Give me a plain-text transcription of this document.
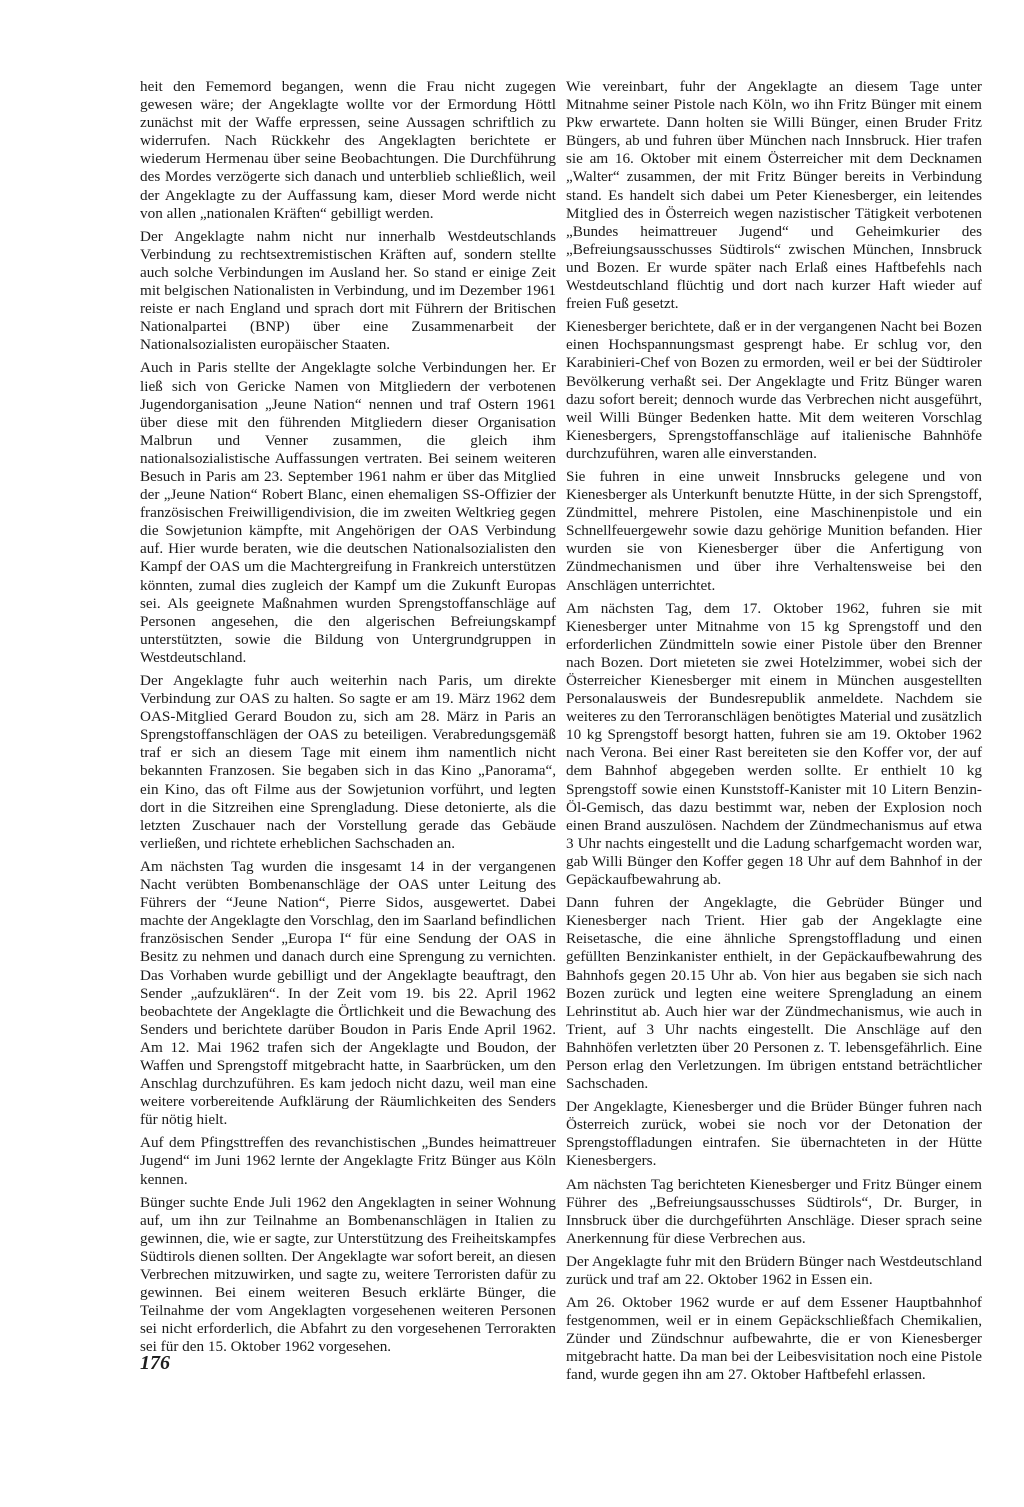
heit den Fememord begangen, wenn die Frau nicht zugegen gewesen wäre; der Angeklagte wollte vor der Ermordung Höttl zunächst mit der Waffe erpressen, seine Aussagen schriftlich zu widerrufen. Nach Rückkehr des Angeklagten berichtete er wiederum Hermenau über seine Beobachtungen. Die Durchführung des Mordes verzögerte sich danach und unterblieb schließlich, weil der Angeklagte zu der Auffassung kam, dieser Mord werde nicht von allen „nationalen Kräften“ gebilligt werden.

Der Angeklagte nahm nicht nur innerhalb Westdeutschlands Verbindung zu rechtsextremistischen Kräften auf, sondern stellte auch solche Verbindungen im Ausland her. So stand er einige Zeit mit belgischen Nationalisten in Verbindung, und im Dezember 1961 reiste er nach England und sprach dort mit Führern der Britischen Nationalpartei (BNP) über eine Zusammenarbeit der Nationalsozialisten europäischer Staaten.

Auch in Paris stellte der Angeklagte solche Verbindungen her. Er ließ sich von Gericke Namen von Mitgliedern der verbotenen Jugendorganisation „Jeune Nation“ nennen und traf Ostern 1961 über diese mit den führenden Mitgliedern dieser Organisation Malbrun und Venner zusammen, die gleich ihm nationalsozialistische Auffassungen vertraten. Bei seinem weiteren Besuch in Paris am 23. September 1961 nahm er über das Mitglied der „Jeune Nation“ Robert Blanc, einen ehemaligen SS-Offizier der französischen Freiwilligendivision, die im zweiten Weltkrieg gegen die Sowjetunion kämpfte, mit Angehörigen der OAS Verbindung auf. Hier wurde beraten, wie die deutschen Nationalsozialisten den Kampf der OAS um die Machtergreifung in Frankreich unterstützen könnten, zumal dies zugleich der Kampf um die Zukunft Europas sei. Als geeignete Maßnahmen wurden Sprengstoffanschläge auf Personen angesehen, die den algerischen Befreiungskampf unterstützten, sowie die Bildung von Untergrundgruppen in Westdeutschland.

Der Angeklagte fuhr auch weiterhin nach Paris, um direkte Verbindung zur OAS zu halten. So sagte er am 19. März 1962 dem OAS-Mitglied Gerard Boudon zu, sich am 28. März in Paris an Sprengstoffanschlägen der OAS zu beteiligen. Verabredungsgemäß traf er sich an diesem Tage mit einem ihm namentlich nicht bekannten Franzosen. Sie begaben sich in das Kino „Panorama“, ein Kino, das oft Filme aus der Sowjetunion vorführt, und legten dort in die Sitzreihen eine Sprengladung. Diese detonierte, als die letzten Zuschauer nach der Vorstellung gerade das Gebäude verließen, und richtete erheblichen Sachschaden an.

Am nächsten Tag wurden die insgesamt 14 in der vergangenen Nacht verübten Bombenanschläge der OAS unter Leitung des Führers der “Jeune Nation“, Pierre Sidos, ausgewertet. Dabei machte der Angeklagte den Vorschlag, den im Saarland befindlichen französischen Sender „Europa I“ für eine Sendung der OAS in Besitz zu nehmen und danach durch eine Sprengung zu vernichten. Das Vorhaben wurde gebilligt und der Angeklagte beauftragt, den Sender „aufzuklären“. In der Zeit vom 19. bis 22. April 1962 beobachtete der Angeklagte die Örtlichkeit und die Bewachung des Senders und berichtete darüber Boudon in Paris Ende April 1962. Am 12. Mai 1962 trafen sich der Angeklagte und Boudon, der Waffen und Sprengstoff mitgebracht hatte, in Saarbrücken, um den Anschlag durchzuführen. Es kam jedoch nicht dazu, weil man eine weitere vorbereitende Aufklärung der Räumlichkeiten des Senders für nötig hielt.

Auf dem Pfingsttreffen des revanchistischen „Bundes heimattreuer Jugend“ im Juni 1962 lernte der Angeklagte Fritz Bünger aus Köln kennen.

Bünger suchte Ende Juli 1962 den Angeklagten in seiner Wohnung auf, um ihn zur Teilnahme an Bombenanschlägen in Italien zu gewinnen, die, wie er sagte, zur Unterstützung des Freiheitskampfes Südtirols dienen sollten. Der Angeklagte war sofort bereit, an diesen Verbrechen mitzuwirken, und sagte zu, weitere Terroristen dafür zu gewinnen. Bei einem weiteren Besuch erklärte Bünger, die Teilnahme der vom Angeklagten vorgesehenen weiteren Personen sei nicht erforderlich, die Abfahrt zu den vorgesehenen Terrorakten sei für den 15. Oktober 1962 vorgesehen.

Wie vereinbart, fuhr der Angeklagte an diesem Tage unter Mitnahme seiner Pistole nach Köln, wo ihn Fritz Bünger mit einem Pkw erwartete. Dann holten sie Willi Bünger, einen Bruder Fritz Büngers, ab und fuhren über München nach Innsbruck. Hier trafen sie am 16. Oktober mit einem Österreicher mit dem Decknamen „Walter“ zusammen, der mit Fritz Bünger bereits in Verbindung stand. Es handelt sich dabei um Peter Kienesberger, ein leitendes Mitglied des in Österreich wegen nazistischer Tätigkeit verbotenen „Bundes heimattreuer Jugend“ und Geheimkurier des „Befreiungsausschusses Südtirols“ zwischen München, Innsbruck und Bozen. Er wurde später nach Erlaß eines Haftbefehls nach Westdeutschland flüchtig und dort nach kurzer Haft wieder auf freien Fuß gesetzt.

Kienesberger berichtete, daß er in der vergangenen Nacht bei Bozen einen Hochspannungsmast gesprengt habe. Er schlug vor, den Karabinieri-Chef von Bozen zu ermorden, weil er bei der Südtiroler Bevölkerung verhaßt sei. Der Angeklagte und Fritz Bünger waren dazu sofort bereit; dennoch wurde das Verbrechen nicht ausgeführt, weil Willi Bünger Bedenken hatte. Mit dem weiteren Vorschlag Kienesbergers, Sprengstoffanschläge auf italienische Bahnhöfe durchzuführen, waren alle einverstanden.

Sie fuhren in eine unweit Innsbrucks gelegene und von Kienesberger als Unterkunft benutzte Hütte, in der sich Sprengstoff, Zündmittel, mehrere Pistolen, eine Maschinenpistole und ein Schnellfeuergewehr sowie dazu gehörige Munition befanden. Hier wurden sie von Kienesberger über die Anfertigung von Zündmechanismen und über ihre Verhaltensweise bei den Anschlägen unterrichtet.

Am nächsten Tag, dem 17. Oktober 1962, fuhren sie mit Kienesberger unter Mitnahme von 15 kg Sprengstoff und den erforderlichen Zündmitteln sowie einer Pistole über den Brenner nach Bozen. Dort mieteten sie zwei Hotelzimmer, wobei sich der Österreicher Kienesberger mit einem in München ausgestellten Personalausweis der Bundesrepublik anmeldete. Nachdem sie weiteres zu den Terroranschlägen benötigtes Material und zusätzlich 10 kg Sprengstoff besorgt hatten, fuhren sie am 19. Oktober 1962 nach Verona. Bei einer Rast bereiteten sie den Koffer vor, der auf dem Bahnhof abgegeben werden sollte. Er enthielt 10 kg Sprengstoff sowie einen Kunststoff-Kanister mit 10 Litern Benzin-Öl-Gemisch, das dazu bestimmt war, neben der Explosion noch einen Brand auszulösen. Nachdem der Zündmechanismus auf etwa 3 Uhr nachts eingestellt und die Ladung scharfgemacht worden war, gab Willi Bünger den Koffer gegen 18 Uhr auf dem Bahnhof in der Gepäckaufbewahrung ab.

Dann fuhren der Angeklagte, die Gebrüder Bünger und Kienesberger nach Trient. Hier gab der Angeklagte eine Reisetasche, die eine ähnliche Sprengstoffladung und einen gefüllten Benzinkanister enthielt, in der Gepäckaufbewahrung des Bahnhofs gegen 20.15 Uhr ab. Von hier aus begaben sie sich nach Bozen zurück und legten eine weitere Sprengladung an einem Lehrinstitut ab. Auch hier war der Zündmechanismus, wie auch in Trient, auf 3 Uhr nachts eingestellt. Die Anschläge auf den Bahnhöfen verletzten über 20 Personen z. T. lebensgefährlich. Eine Person erlag den Verletzungen. Im übrigen entstand beträchtlicher Sachschaden.

Der Angeklagte, Kienesberger und die Brüder Bünger fuhren nach Österreich zurück, wobei sie noch vor der Detonation der Sprengstoffladungen eintrafen. Sie übernachteten in der Hütte Kienesbergers.

Am nächsten Tag berichteten Kienesberger und Fritz Bünger einem Führer des „Befreiungsausschusses Südtirols“, Dr. Burger, in Innsbruck über die durchgeführten Anschläge. Dieser sprach seine Anerkennung für diese Verbrechen aus.

Der Angeklagte fuhr mit den Brüdern Bünger nach Westdeutschland zurück und traf am 22. Oktober 1962 in Essen ein.

Am 26. Oktober 1962 wurde er auf dem Essener Hauptbahnhof festgenommen, weil er in einem Gepäckschließfach Chemikalien, Zünder und Zündschnur aufbewahrte, die er von Kienesberger mitgebracht hatte. Da man bei der Leibesvisitation noch eine Pistole fand, wurde gegen ihn am 27. Oktober Haftbefehl erlassen.

176
